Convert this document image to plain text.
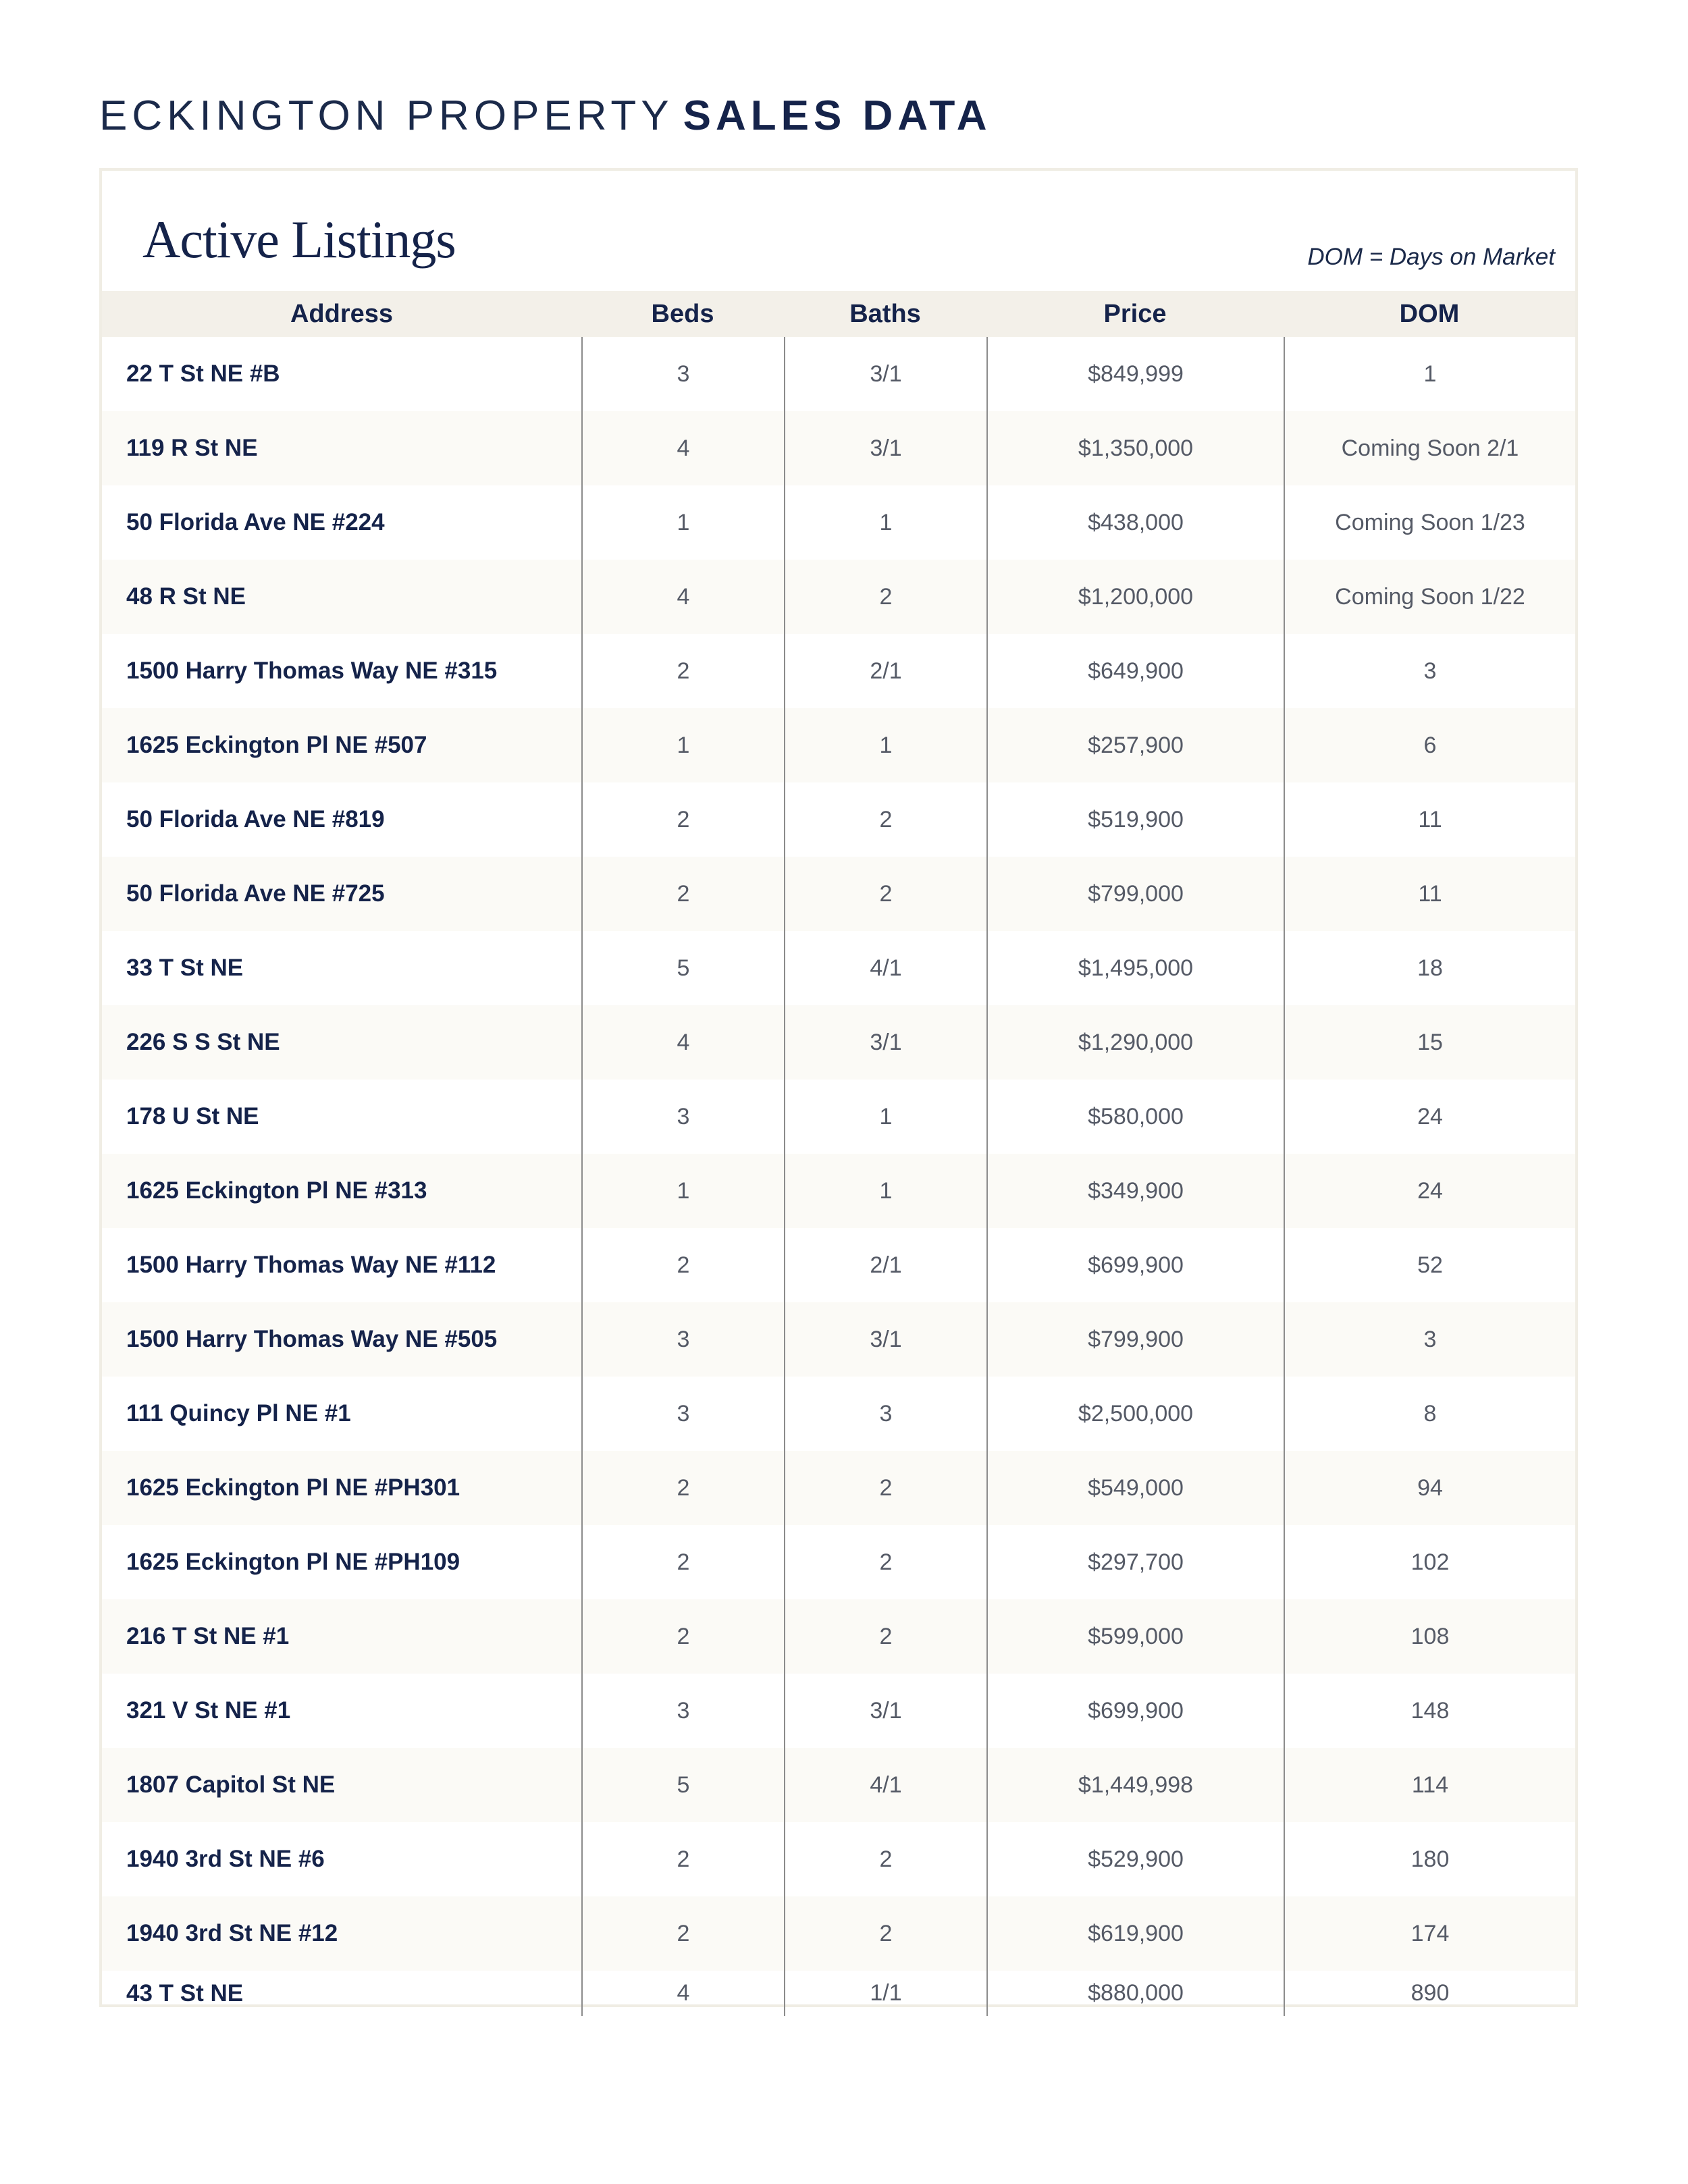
ECKINGTON PROPERTY SALES DATA
Active Listings	DOM = Days on Market
Address	Beds	Baths	Price	DOM
22 T St NE #B	3	3/1	$849,999	1
119 R St NE	4	3/1	$1,350,000	Coming Soon 2/1
50 Florida Ave NE #224	1	1	$438,000	Coming Soon 1/23
48 R St NE	4	2	$1,200,000	Coming Soon 1/22
1500 Harry Thomas Way NE #315	2	2/1	$649,900	3
1625 Eckington Pl NE #507	1	1	$257,900	6
50 Florida Ave NE #819	2	2	$519,900	11
50 Florida Ave NE #725	2	2	$799,000	11
33 T St NE	5	4/1	$1,495,000	18
226 S S St NE	4	3/1	$1,290,000	15
178 U St NE	3	1	$580,000	24
1625 Eckington Pl NE #313	1	1	$349,900	24
1500 Harry Thomas Way NE #112	2	2/1	$699,900	52
1500 Harry Thomas Way NE #505	3	3/1	$799,900	3
111 Quincy Pl NE #1	3	3	$2,500,000	8
1625 Eckington Pl NE #PH301	2	2	$549,000	94
1625 Eckington Pl NE #PH109	2	2	$297,700	102
216 T St NE #1	2	2	$599,000	108
321 V St NE #1	3	3/1	$699,900	148
1807 Capitol St NE	5	4/1	$1,449,998	114
1940 3rd St NE #6	2	2	$529,900	180
1940 3rd St NE #12	2	2	$619,900	174
43 T St NE	4	1/1	$880,000	890
